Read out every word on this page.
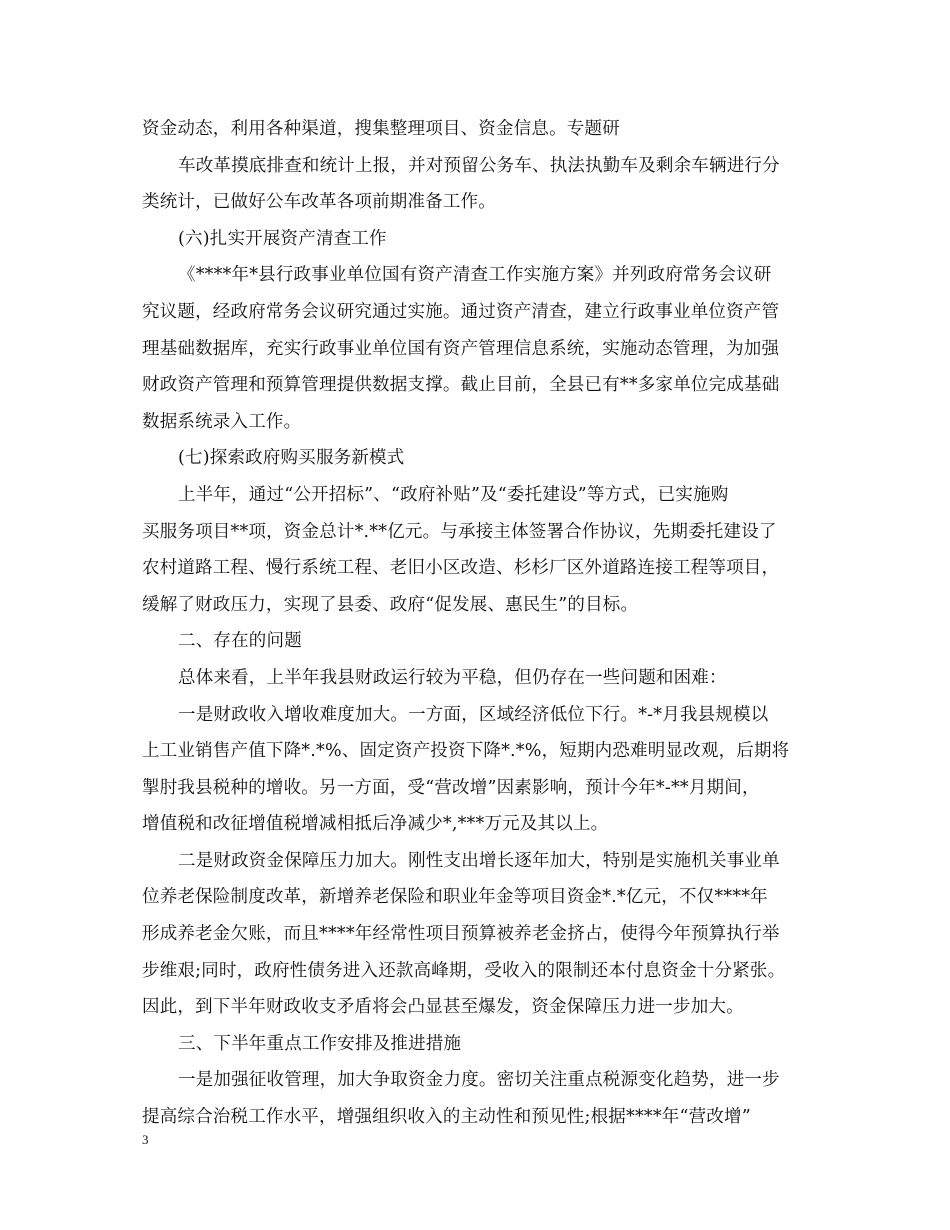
资金动态，利用各种渠道，搜集整理项目、资金信息。专题研
车改革摸底排查和统计上报，并对预留公务车、执法执勤车及剩余车辆进行分
类统计，已做好公车改革各项前期准备工作。
(六)扎实开展资产清查工作
《****年*县行政事业单位国有资产清查工作实施方案》并列政府常务会议研
究议题，经政府常务会议研究通过实施。通过资产清查，建立行政事业单位资产管
理基础数据库，充实行政事业单位国有资产管理信息系统，实施动态管理，为加强
财政资产管理和预算管理提供数据支撑。截止目前，全县已有**多家单位完成基础
数据系统录入工作。
(七)探索政府购买服务新模式
上半年，通过“公开招标”、“政府补贴”及“委托建设”等方式，已实施购
买服务项目**项，资金总计*.**亿元。与承接主体签署合作协议，先期委托建设了
农村道路工程、慢行系统工程、老旧小区改造、杉杉厂区外道路连接工程等项目，
缓解了财政压力，实现了县委、政府“促发展、惠民生”的目标。
二、存在的问题
总体来看，上半年我县财政运行较为平稳，但仍存在一些问题和困难：
一是财政收入增收难度加大。一方面，区域经济低位下行。*-*月我县规模以
上工业销售产值下降*.*%、固定资产投资下降*.*%，短期内恐难明显改观，后期将
掣肘我县税种的增收。另一方面，受“营改增”因素影响，预计今年*-**月期间，
增值税和改征增值税增减相抵后净减少*,***万元及其以上。
二是财政资金保障压力加大。刚性支出增长逐年加大，特别是实施机关事业单
位养老保险制度改革，新增养老保险和职业年金等项目资金*.*亿元，不仅****年
形成养老金欠账，而且****年经常性项目预算被养老金挤占，使得今年预算执行举
步维艰;同时，政府性债务进入还款高峰期，受收入的限制还本付息资金十分紧张。
因此，到下半年财政收支矛盾将会凸显甚至爆发，资金保障压力进一步加大。
三、下半年重点工作安排及推进措施
一是加强征收管理，加大争取资金力度。密切关注重点税源变化趋势，进一步
提高综合治税工作水平，增强组织收入的主动性和预见性;根据****年“营改增”
3
